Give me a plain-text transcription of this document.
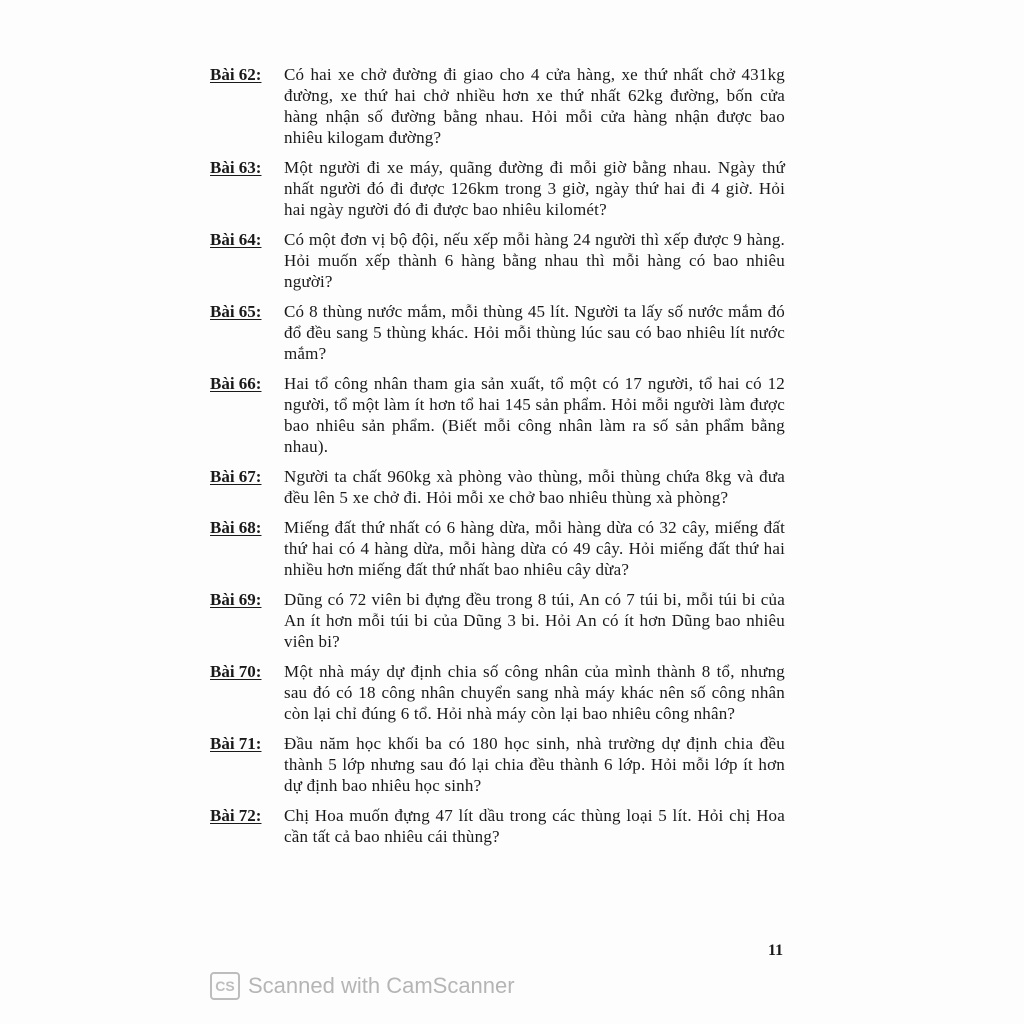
Bài 62:	Có hai xe chở đường đi giao cho 4 cửa hàng, xe thứ nhất chở 431kg đường, xe thứ hai chở nhiều hơn xe thứ nhất 62kg đường, bốn cửa hàng nhận số đường bằng nhau. Hỏi mỗi cửa hàng nhận được bao nhiêu kilogam đường?
Bài 63:	Một người đi xe máy, quãng đường đi mỗi giờ bằng nhau. Ngày thứ nhất người đó đi được 126km trong 3 giờ, ngày thứ hai đi 4 giờ. Hỏi hai ngày người đó đi được bao nhiêu kilomét?
Bài 64:	Có một đơn vị bộ đội, nếu xếp mỗi hàng 24 người thì xếp được 9 hàng. Hỏi muốn xếp thành 6 hàng bằng nhau thì mỗi hàng có bao nhiêu người?
Bài 65:	Có 8 thùng nước mắm, mỗi thùng 45 lít. Người ta lấy số nước mắm đó đổ đều sang 5 thùng khác. Hỏi mỗi thùng lúc sau có bao nhiêu lít nước mắm?
Bài 66:	Hai tổ công nhân tham gia sản xuất, tổ một có 17 người, tổ hai có 12 người, tổ một làm ít hơn tổ hai 145 sản phẩm. Hỏi mỗi người làm được bao nhiêu sản phẩm. (Biết mỗi công nhân làm ra số sản phẩm bằng nhau).
Bài 67:	Người ta chất 960kg xà phòng vào thùng, mỗi thùng chứa 8kg và đưa đều lên 5 xe chở đi. Hỏi mỗi xe chở bao nhiêu thùng xà phòng?
Bài 68:	Miếng đất thứ nhất có 6 hàng dừa, mỗi hàng dừa có 32 cây, miếng đất thứ hai có 4 hàng dừa, mỗi hàng dừa có 49 cây. Hỏi miếng đất thứ hai nhiều hơn miếng đất thứ nhất bao nhiêu cây dừa?
Bài 69:	Dũng có 72 viên bi đựng đều trong 8 túi, An có 7 túi bi, mỗi túi bi của An ít hơn mỗi túi bi của Dũng 3 bi. Hỏi An có ít hơn Dũng bao nhiêu viên bi?
Bài 70:	Một nhà máy dự định chia số công nhân của mình thành 8 tổ, nhưng sau đó có 18 công nhân chuyển sang nhà máy khác nên số công nhân còn lại chỉ đúng 6 tổ. Hỏi nhà máy còn lại bao nhiêu công nhân?
Bài 71:	Đầu năm học khối ba có 180 học sinh, nhà trường dự định chia đều thành 5 lớp nhưng sau đó lại chia đều thành 6 lớp. Hỏi mỗi lớp ít hơn dự định bao nhiêu học sinh?
Bài 72:	Chị Hoa muốn đựng 47 lít dầu trong các thùng loại 5 lít. Hỏi chị Hoa cần tất cả bao nhiêu cái thùng?
11
CS Scanned with CamScanner
